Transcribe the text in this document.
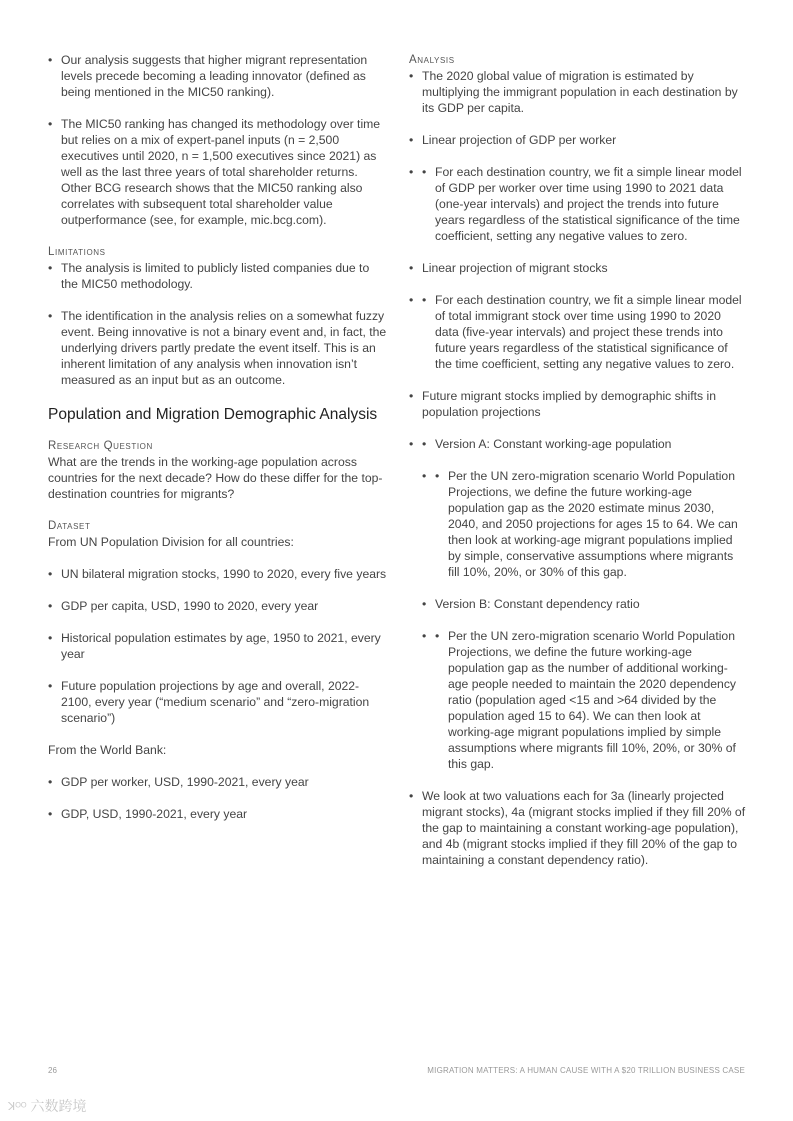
• Our analysis suggests that higher migrant representation levels precede becoming a leading innovator (defined as being mentioned in the MIC50 ranking).
• The MIC50 ranking has changed its methodology over time but relies on a mix of expert-panel inputs (n = 2,500 executives until 2020, n = 1,500 executives since 2021) as well as the last three years of total shareholder returns. Other BCG research shows that the MIC50 ranking also correlates with subsequent total shareholder value outperformance (see, for example, mic.bcg.com).
Limitations
• The analysis is limited to publicly listed companies due to the MIC50 methodology.
• The identification in the analysis relies on a somewhat fuzzy event. Being innovative is not a binary event and, in fact, the underlying drivers partly predate the event itself. This is an inherent limitation of any analysis when innovation isn’t measured as an input but as an outcome.
Population and Migration Demographic Analysis
Research Question

What are the trends in the working-age population across countries for the next decade? How do these differ for the top-destination countries for migrants?

Dataset

From UN Population Division for all countries:

• UN bilateral migration stocks, 1990 to 2020, every five years
• GDP per capita, USD, 1990 to 2020, every year
• Historical population estimates by age, 1950 to 2021, every year
• Future population projections by age and overall, 2022-2100, every year (“medium scenario” and “zero-migration scenario”)

From the World Bank:

• GDP per worker, USD, 1990-2021, every year
• GDP, USD, 1990-2021, every year
Analysis
• The 2020 global value of migration is estimated by multiplying the immigrant population in each destination by its GDP per capita.
• Linear projection of GDP per worker
• • For each destination country, we fit a simple linear model of GDP per worker over time using 1990 to 2021 data (one-year intervals) and project the trends into future years regardless of the statistical significance of the time coefficient, setting any negative values to zero.
• Linear projection of migrant stocks
• • For each destination country, we fit a simple linear model of total immigrant stock over time using 1990 to 2020 data (five-year intervals) and project these trends into future years regardless of the statistical significance of the time coefficient, setting any negative values to zero.
• Future migrant stocks implied by demographic shifts in population projections
• • Version A: Constant working-age population
• • Per the UN zero-migration scenario World Population Projections, we define the future working-age population gap as the 2020 estimate minus 2030, 2040, and 2050 projections for ages 15 to 64. We can then look at working-age migrant populations implied by simple, conservative assumptions where migrants fill 10%, 20%, or 30% of this gap.
• Version B: Constant dependency ratio
• • Per the UN zero-migration scenario World Population Projections, we define the future working-age population gap as the number of additional working-age people needed to maintain the 2020 dependency ratio (population aged <15 and >64 divided by the population aged 15 to 64). We can then look at working-age migrant populations implied by simple assumptions where migrants fill 10%, 20%, or 30% of this gap.
• We look at two valuations each for 3a (linearly projected migrant stocks), 4a (migrant stocks implied if they fill 20% of the gap to maintaining a constant working-age population), and 4b (migrant stocks implied if they fill 20% of the gap to maintaining a constant dependency ratio).
26	MIGRATION MATTERS: A HUMAN CAUSE WITH A $20 TRILLION BUSINESS CASE
ꓘᴼᴼ 六数跨境
